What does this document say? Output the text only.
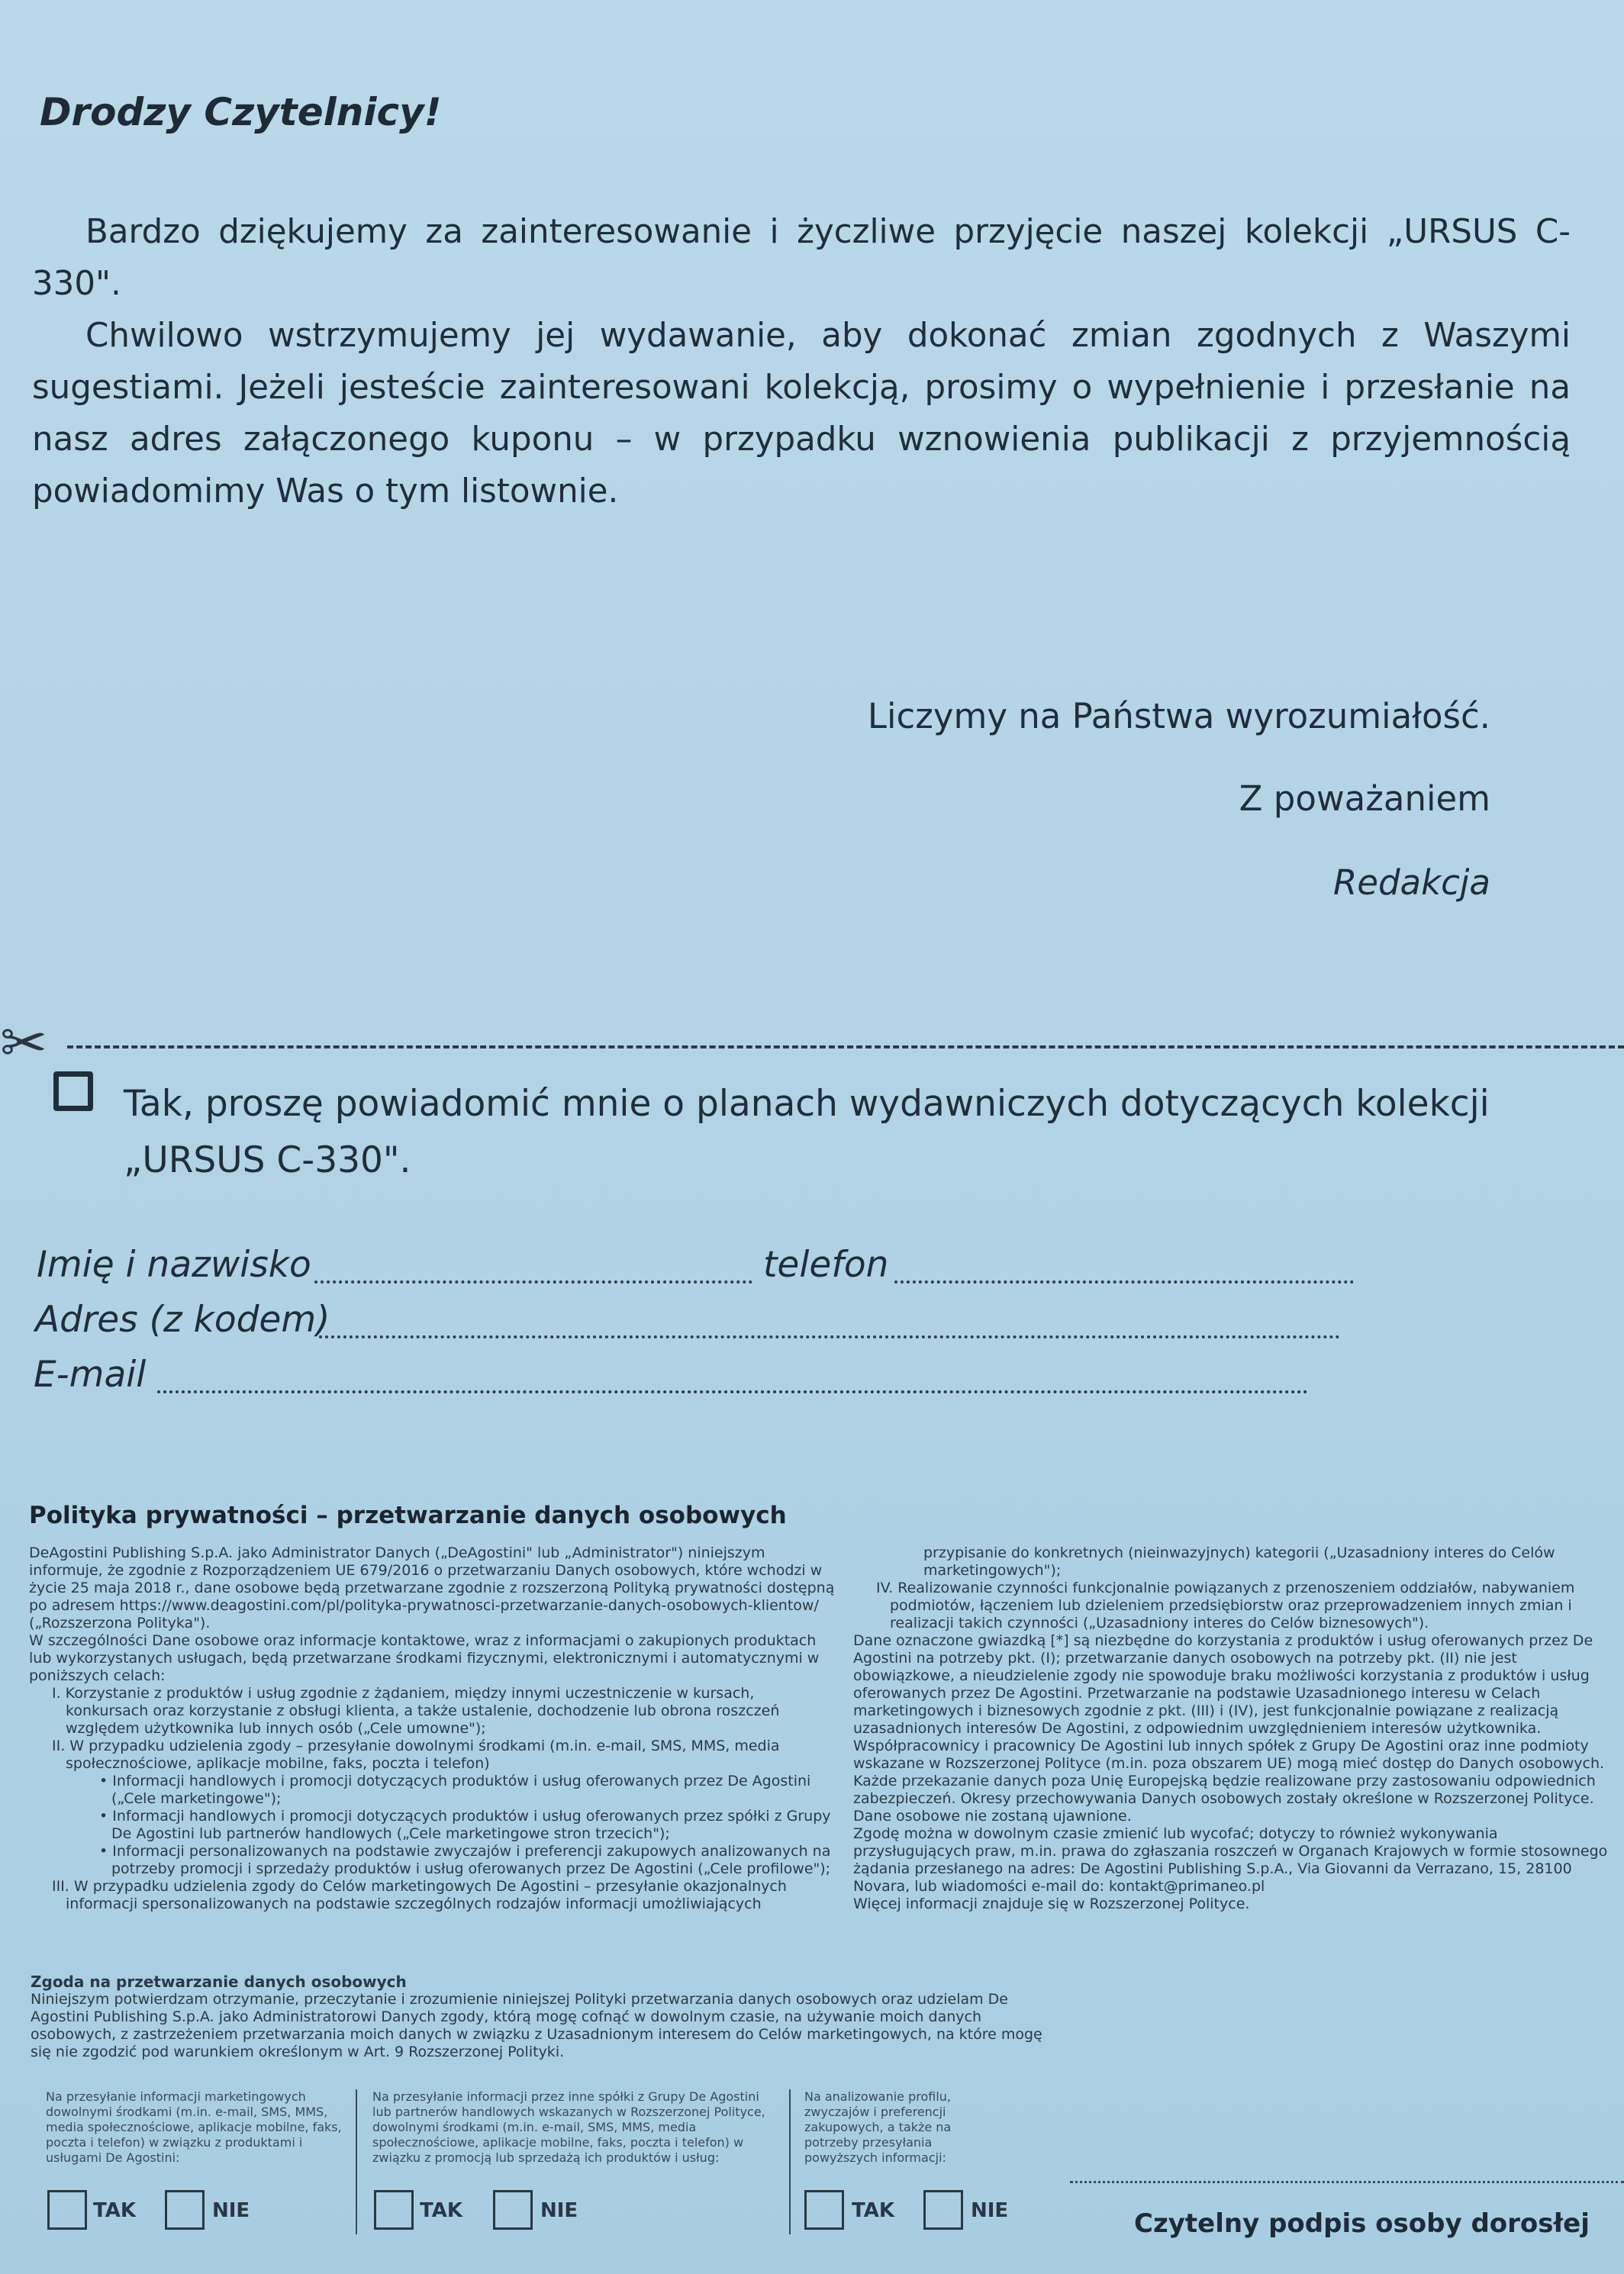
Drodzy Czytelnicy!

Bardzo dziękujemy za zainteresowanie i życzliwe przyjęcie naszej kolekcji „URSUS C-330".

Chwilowo wstrzymujemy jej wydawanie, aby dokonać zmian zgodnych z Waszymi sugestiami. Jeżeli jesteście zainteresowani kolekcją, prosimy o wypełnienie i przesłanie na nasz adres załączonego kuponu – w przypadku wznowienia publikacji z przyjemnością powiadomimy Was o tym listownie.

Liczymy na Państwa wyrozumiałość.
Z poważaniem
Redakcja
✂
Tak, proszę powiadomić mnie o planach wydawniczych dotyczących kolekcji „URSUS C-330".
Imię i nazwisko	telefon
Adres (z kodem)
E-mail
Polityka prywatności – przetwarzanie danych osobowych

DeAgostini Publishing S.p.A. jako Administrator Danych („DeAgostini" lub „Administrator") niniejszym informuje, że zgodnie z Rozporządzeniem UE 679/2016 o przetwarzaniu Danych osobowych, które wchodzi w życie 25 maja 2018 r., dane osobowe będą przetwarzane zgodnie z rozszerzoną Polityką prywatności dostępną po adresem https://www.deagostini.com/pl/polityka-prywatnosci-przetwarzanie-danych-osobowych-klientow/ („Rozszerzona Polityka").

W szczególności Dane osobowe oraz informacje kontaktowe, wraz z informacjami o zakupionych produktach lub wykorzystanych usługach, będą przetwarzane środkami fizycznymi, elektronicznymi i automatycznymi w poniższych celach:

I. Korzystanie z produktów i usług zgodnie z żądaniem, między innymi uczestniczenie w kursach, konkursach oraz korzystanie z obsługi klienta, a także ustalenie, dochodzenie lub obrona roszczeń względem użytkownika lub innych osób („Cele umowne");

II. W przypadku udzielenia zgody – przesyłanie dowolnymi środkami (m.in. e-mail, SMS, MMS, media społecznościowe, aplikacje mobilne, faks, poczta i telefon)

• Informacji handlowych i promocji dotyczących produktów i usług oferowanych przez De Agostini („Cele marketingowe");

• Informacji handlowych i promocji dotyczących produktów i usług oferowanych przez spółki z Grupy De Agostini lub partnerów handlowych („Cele marketingowe stron trzecich");

• Informacji personalizowanych na podstawie zwyczajów i preferencji zakupowych analizowanych na potrzeby promocji i sprzedaży produktów i usług oferowanych przez De Agostini („Cele profilowe");

III. W przypadku udzielenia zgody do Celów marketingowych De Agostini – przesyłanie okazjonalnych informacji spersonalizowanych na podstawie szczególnych rodzajów informacji umożliwiających

przypisanie do konkretnych (nieinwazyjnych) kategorii („Uzasadniony interes do Celów marketingowych");

IV. Realizowanie czynności funkcjonalnie powiązanych z przenoszeniem oddziałów, nabywaniem podmiotów, łączeniem lub dzieleniem przedsiębiorstw oraz przeprowadzeniem innych zmian i realizacji takich czynności („Uzasadniony interes do Celów biznesowych").

Dane oznaczone gwiazdką [*] są niezbędne do korzystania z produktów i usług oferowanych przez De Agostini na potrzeby pkt. (I); przetwarzanie danych osobowych na potrzeby pkt. (II) nie jest obowiązkowe, a nieudzielenie zgody nie spowoduje braku możliwości korzystania z produktów i usług oferowanych przez De Agostini. Przetwarzanie na podstawie Uzasadnionego interesu w Celach marketingowych i biznesowych zgodnie z pkt. (III) i (IV), jest funkcjonalnie powiązane z realizacją uzasadnionych interesów De Agostini, z odpowiednim uwzględnieniem interesów użytkownika.

Współpracownicy i pracownicy De Agostini lub innych spółek z Grupy De Agostini oraz inne podmioty wskazane w Rozszerzonej Polityce (m.in. poza obszarem UE) mogą mieć dostęp do Danych osobowych. Każde przekazanie danych poza Unię Europejską będzie realizowane przy zastosowaniu odpowiednich zabezpieczeń. Okresy przechowywania Danych osobowych zostały określone w Rozszerzonej Polityce. Dane osobowe nie zostaną ujawnione.

Zgodę można w dowolnym czasie zmienić lub wycofać; dotyczy to również wykonywania przysługujących praw, m.in. prawa do zgłaszania roszczeń w Organach Krajowych w formie stosownego żądania przesłanego na adres: De Agostini Publishing S.p.A., Via Giovanni da Verrazano, 15, 28100 Novara, lub wiadomości e-mail do: kontakt@primaneo.pl

Więcej informacji znajduje się w Rozszerzonej Polityce.

Zgoda na przetwarzanie danych osobowych
Niniejszym potwierdzam otrzymanie, przeczytanie i zrozumienie niniejszej Polityki przetwarzania danych osobowych oraz udzielam De Agostini Publishing S.p.A. jako Administratorowi Danych zgody, którą mogę cofnąć w dowolnym czasie, na używanie moich danych osobowych, z zastrzeżeniem przetwarzania moich danych w związku z Uzasadnionym interesem do Celów marketingowych, na które mogę się nie zgodzić pod warunkiem określonym w Art. 9 Rozszerzonej Polityki.
Na przesyłanie informacji marketingowych dowolnymi środkami (m.in. e-mail, SMS, MMS, media społecznościowe, aplikacje mobilne, faks, poczta i telefon) w związku z produktami i usługami De Agostini:
Na przesyłanie informacji przez inne spółki z Grupy De Agostini lub partnerów handlowych wskazanych w Rozszerzonej Polityce, dowolnymi środkami (m.in. e-mail, SMS, MMS, media społecznościowe, aplikacje mobilne, faks, poczta i telefon) w związku z promocją lub sprzedażą ich produktów i usług:
Na analizowanie profilu, zwyczajów i preferencji zakupowych, a także na potrzeby przesyłania powyższych informacji:
TAK	NIE	TAK	NIE	TAK	NIE	Czytelny podpis osoby dorosłej
